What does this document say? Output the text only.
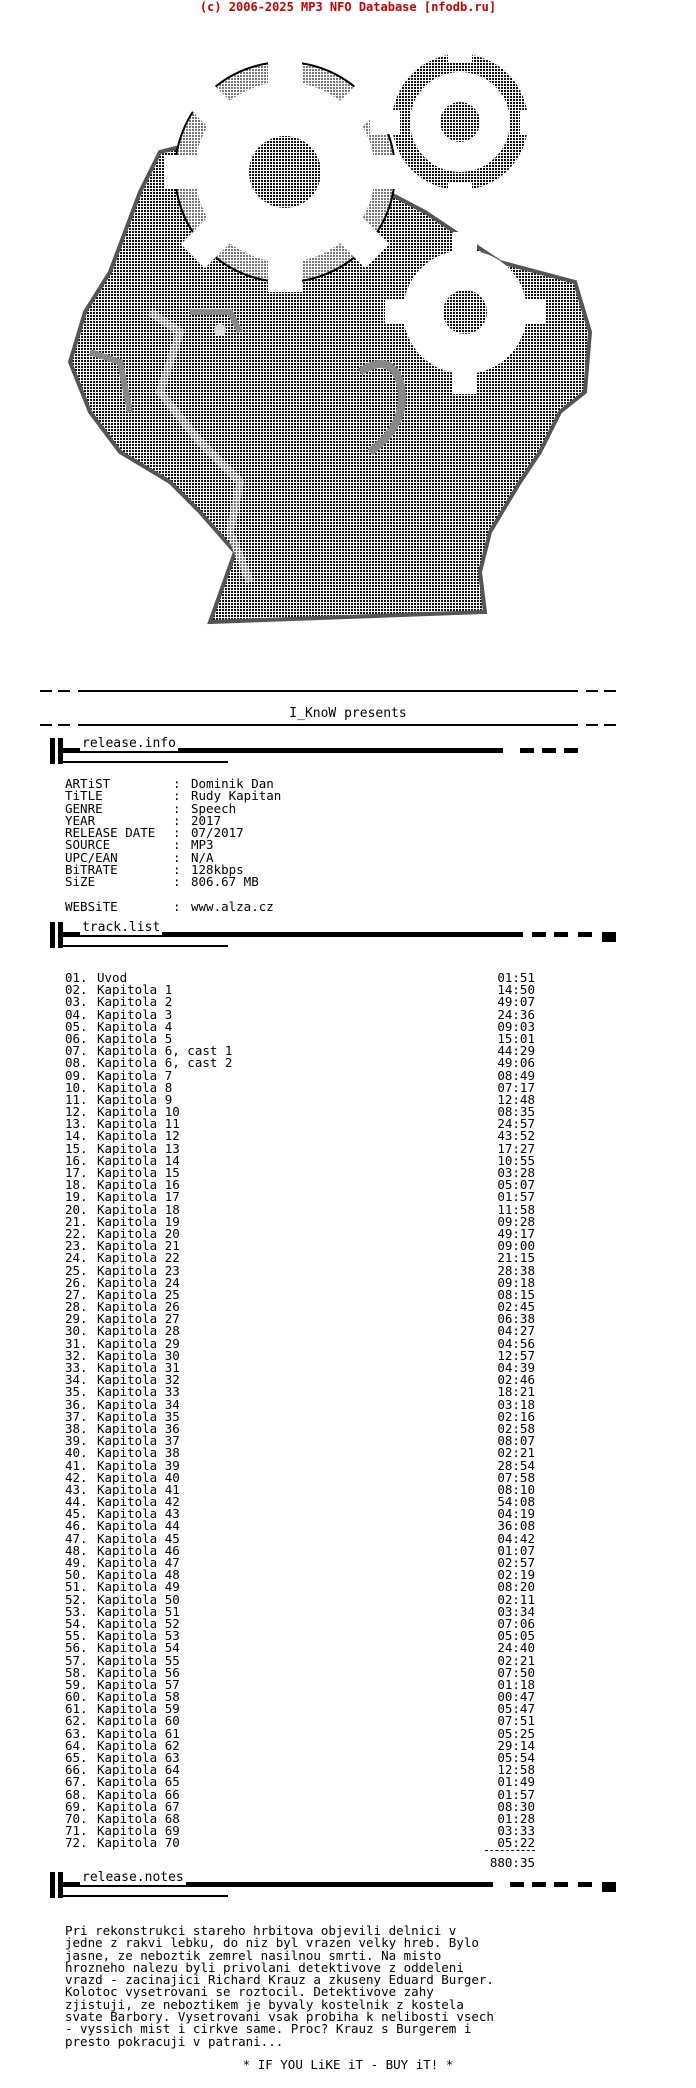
(c) 2006-2025 MP3 NFO Database [nfodb.ru]
I_KnoW presents
release.info
ARTiST	: Dominik Dan
TiTLE	: Rudy Kapitan
GENRE	: Speech
YEAR	: 2017
RELEASE DATE : 07/2017
SOURCE	: MP3
UPC/EAN	: N/A
BiTRATE	: 128kbps
SiZE	: 806.67 MB
WEBSiTE	: www.alza.cz
track.list
01. Uvod	01:51
02. Kapitola 1	14:50
03. Kapitola 2	49:07
04. Kapitola 3	24:36
05. Kapitola 4	09:03
06. Kapitola 5	15:01
07. Kapitola 6, cast 1	44:29
08. Kapitola 6, cast 2	49:06
09. Kapitola 7	08:49
10. Kapitola 8	07:17
11. Kapitola 9	12:48
12. Kapitola 10	08:35
13. Kapitola 11	24:57
14. Kapitola 12	43:52
15. Kapitola 13	17:27
16. Kapitola 14	10:55
17. Kapitola 15	03:28
18. Kapitola 16	05:07
19. Kapitola 17	01:57
20. Kapitola 18	11:58
21. Kapitola 19	09:28
22. Kapitola 20	49:17
23. Kapitola 21	09:00
24. Kapitola 22	21:15
25. Kapitola 23	28:38
26. Kapitola 24	09:18
27. Kapitola 25	08:15
28. Kapitola 26	02:45
29. Kapitola 27	06:38
30. Kapitola 28	04:27
31. Kapitola 29	04:56
32. Kapitola 30	12:57
33. Kapitola 31	04:39
34. Kapitola 32	02:46
35. Kapitola 33	18:21
36. Kapitola 34	03:18
37. Kapitola 35	02:16
38. Kapitola 36	02:58
39. Kapitola 37	08:07
40. Kapitola 38	02:21
41. Kapitola 39	28:54
42. Kapitola 40	07:58
43. Kapitola 41	08:10
44. Kapitola 42	54:08
45. Kapitola 43	04:19
46. Kapitola 44	36:08
47. Kapitola 45	04:42
48. Kapitola 46	01:07
49. Kapitola 47	02:57
50. Kapitola 48	02:19
51. Kapitola 49	08:20
52. Kapitola 50	02:11
53. Kapitola 51	03:34
54. Kapitola 52	07:06
55. Kapitola 53	05:05
56. Kapitola 54	24:40
57. Kapitola 55	02:21
58. Kapitola 56	07:50
59. Kapitola 57	01:18
60. Kapitola 58	00:47
61. Kapitola 59	05:47
62. Kapitola 60	07:51
63. Kapitola 61	05:25
64. Kapitola 62	29:14
65. Kapitola 63	05:54
66. Kapitola 64	12:58
67. Kapitola 65	01:49
68. Kapitola 66	01:57
69. Kapitola 67	08:30
70. Kapitola 68	01:28
71. Kapitola 69	03:33
72. Kapitola 70	05:22
880:35
release.notes
Pri rekonstrukci stareho hrbitova objevili delnici v
jedne z rakvi lebku, do niz byl vrazen velky hreb. Bylo
jasne, ze neboztik zemrel nasilnou smrti. Na misto
hrozneho nalezu byli privolani detektivove z oddeleni
vrazd - zacinajici Richard Krauz a zkuseny Eduard Burger.
Kolotoc vysetrovani se roztocil. Detektivove zahy
zjistuji, ze neboztikem je byvaly kostelnik z kostela
svate Barbory. Vysetrovani vsak probiha k nelibosti vsech
- vyssich mist i cirkve same. Proc? Krauz s Burgerem i
presto pokracuji v patrani...
* IF YOU LiKE iT - BUY iT! *
